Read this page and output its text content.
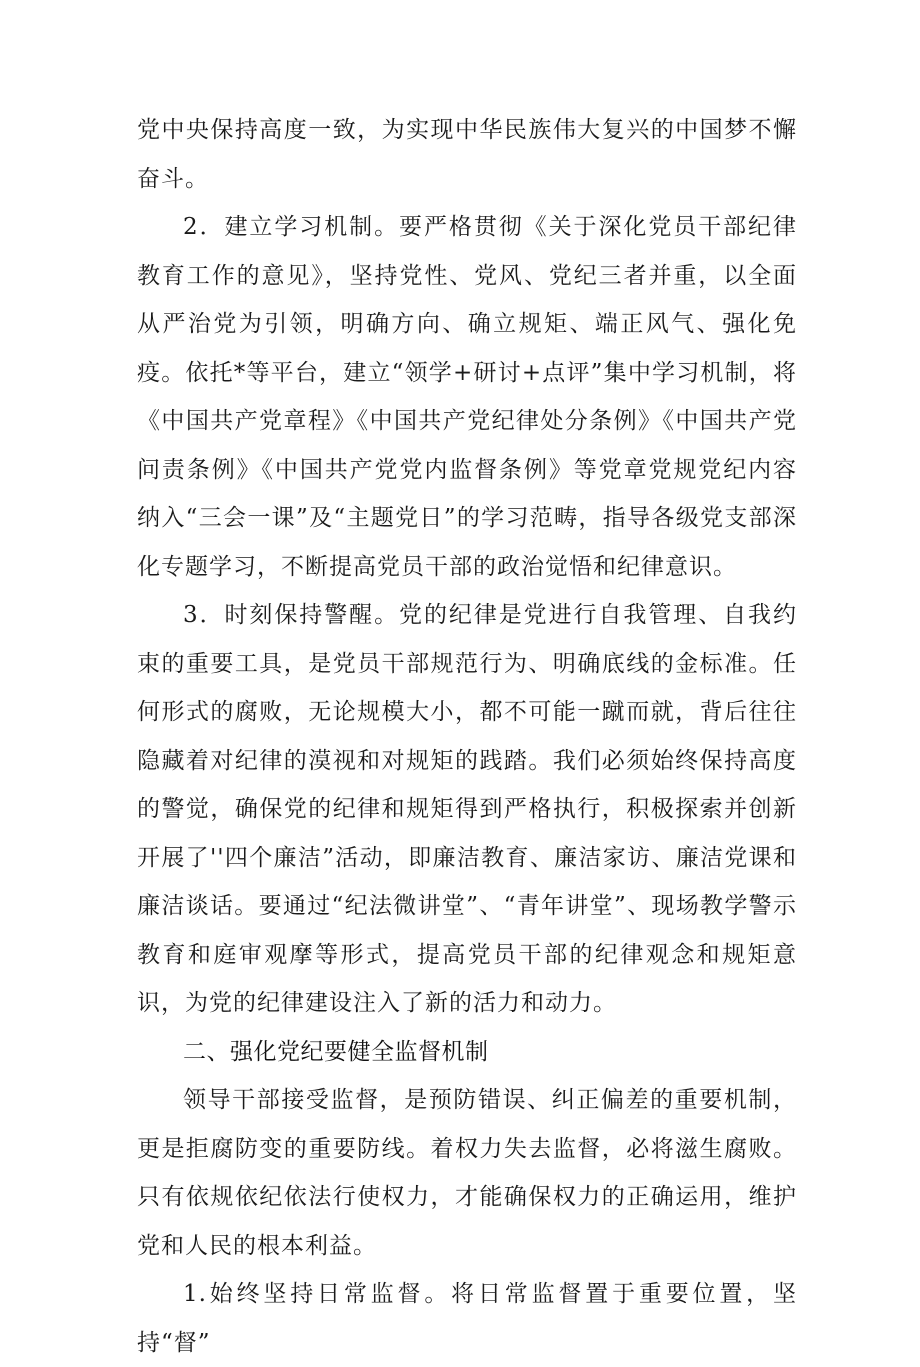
党中央保持高度一致，为实现中华民族伟大复兴的中国梦不懈奋斗。

2．建立学习机制。要严格贯彻《关于深化党员干部纪律教育工作的意见》，坚持党性、党风、党纪三者并重，以全面从严治党为引领，明确方向、确立规矩、端正风气、强化免疫。依托*等平台，建立“领学+研讨+点评”集中学习机制，将《中国共产党章程》《中国共产党纪律处分条例》《中国共产党问责条例》《中国共产党党内监督条例》等党章党规党纪内容纳入“三会一课”及“主题党日”的学习范畴，指导各级党支部深化专题学习，不断提高党员干部的政治觉悟和纪律意识。

3．时刻保持警醒。党的纪律是党进行自我管理、自我约束的重要工具，是党员干部规范行为、明确底线的金标准。任何形式的腐败，无论规模大小，都不可能一蹴而就，背后往往隐藏着对纪律的漠视和对规矩的践踏。我们必须始终保持高度的警觉，确保党的纪律和规矩得到严格执行，积极探索并创新开展了''四个廉洁”活动，即廉洁教育、廉洁家访、廉洁党课和廉洁谈话。要通过“纪法微讲堂”、“青年讲堂”、现场教学警示教育和庭审观摩等形式，提高党员干部的纪律观念和规矩意识，为党的纪律建设注入了新的活力和动力。

二、强化党纪要健全监督机制

领导干部接受监督，是预防错误、纠正偏差的重要机制，更是拒腐防变的重要防线。着权力失去监督，必将滋生腐败。只有依规依纪依法行使权力，才能确保权力的正确运用，维护党和人民的根本利益。

1.始终坚持日常监督。将日常监督置于重要位置，坚持“督”
